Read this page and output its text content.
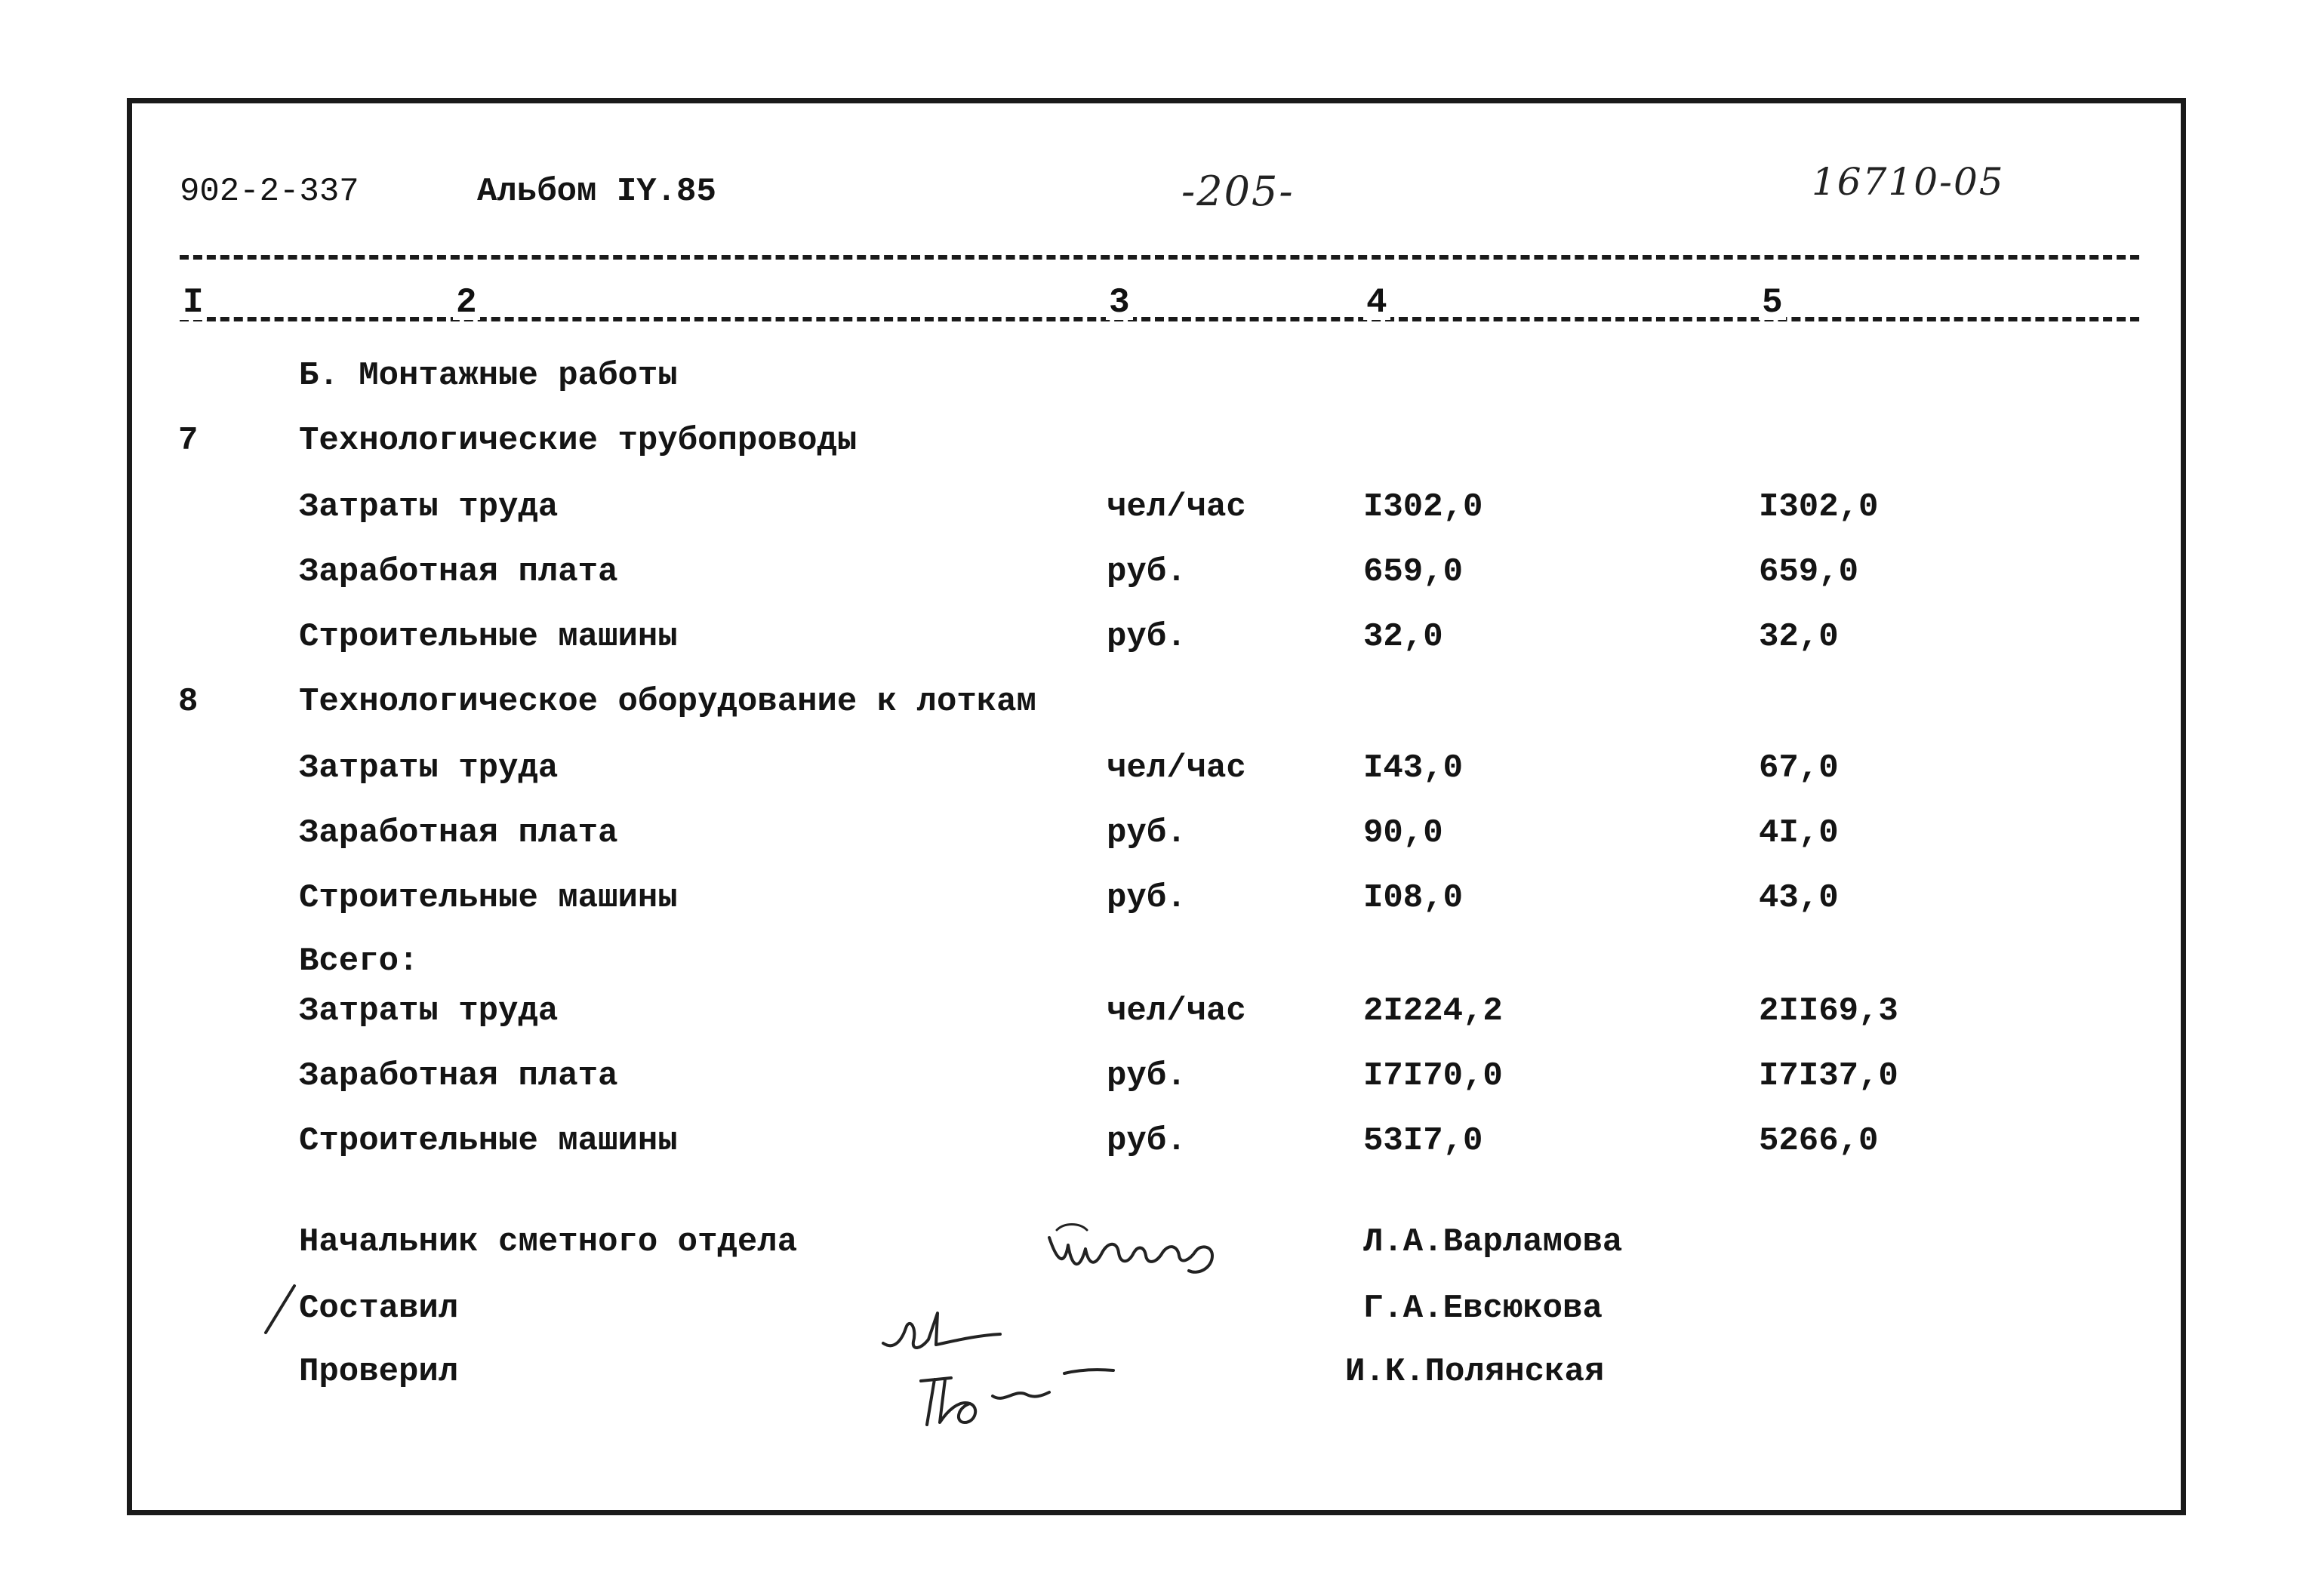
902-2-337	Альбом IY.85	-205-	16710-05
I	2	3	4	5
Б. Монтажные работы
7	Технологические трубопроводы
Затраты труда	чел/час	I302,0	I302,0
Заработная плата	руб.	659,0	659,0
Строительные машины	руб.	32,0	32,0
8	Технологическое оборудование к лоткам
Затраты труда	чел/час	I43,0	67,0
Заработная плата	руб.	90,0	4I,0
Строительные машины	руб.	I08,0	43,0
Всего:
Затраты труда	чел/час	2I224,2	2II69,3
Заработная плата	руб.	I7I70,0	I7I37,0
Строительные машины	руб.	53I7,0	5266,0
Начальник сметного отдела	Л.А.Варламова
Составил	Г.А.Евсюкова
Проверил	И.К.Полянская
